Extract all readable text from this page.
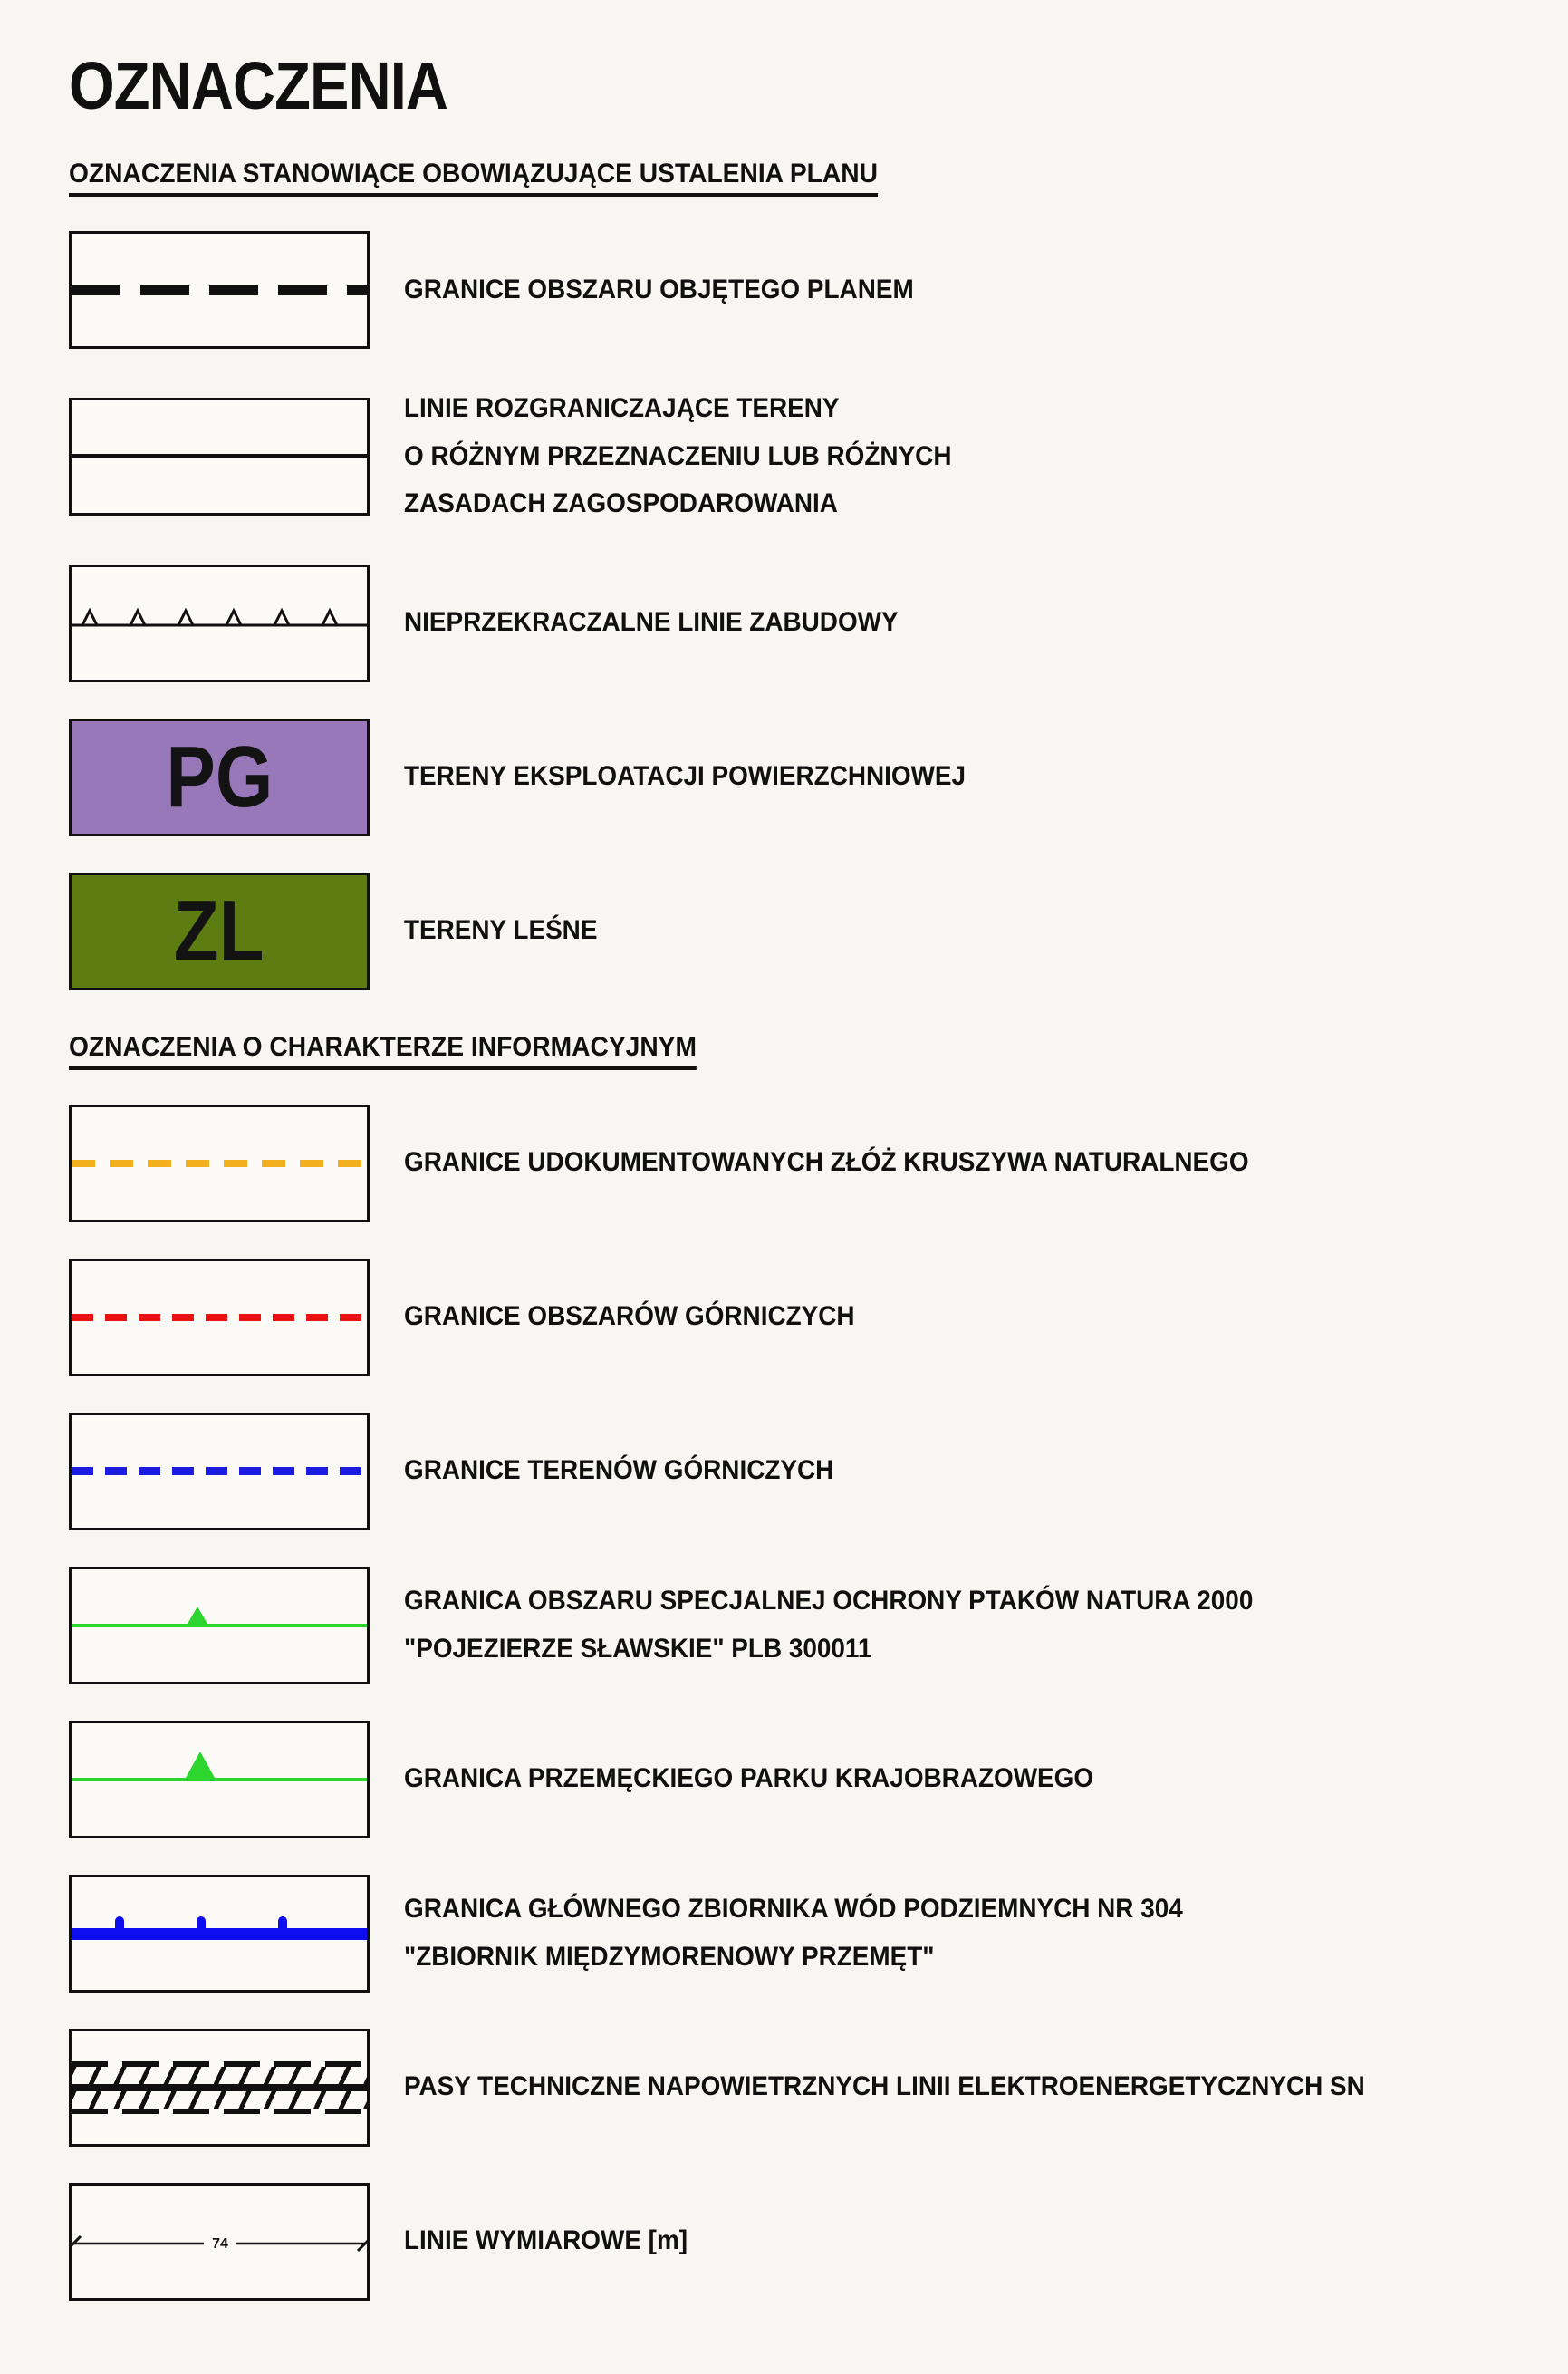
OZNACZENIA
OZNACZENIA STANOWIĄCE OBOWIĄZUJĄCE USTALENIA PLANU
GRANICE OBSZARU OBJĘTEGO PLANEM
LINIE ROZGRANICZAJĄCE TERENY
O RÓŻNYM PRZEZNACZENIU LUB RÓŻNYCH
ZASADACH ZAGOSPODAROWANIA
NIEPRZEKRACZALNE LINIE ZABUDOWY
PG	TERENY EKSPLOATACJI POWIERZCHNIOWEJ
ZL	TERENY LEŚNE
OZNACZENIA O CHARAKTERZE INFORMACYJNYM
GRANICE UDOKUMENTOWANYCH ZŁÓŻ KRUSZYWA NATURALNEGO
GRANICE OBSZARÓW GÓRNICZYCH
GRANICE TERENÓW GÓRNICZYCH
GRANICA OBSZARU SPECJALNEJ OCHRONY PTAKÓW NATURA 2000
"POJEZIERZE SŁAWSKIE" PLB 300011
GRANICA PRZEMĘCKIEGO PARKU KRAJOBRAZOWEGO
GRANICA GŁÓWNEGO ZBIORNIKA WÓD PODZIEMNYCH NR 304
"ZBIORNIK MIĘDZYMORENOWY PRZEMĘT"
PASY TECHNICZNE NAPOWIETRZNYCH LINII ELEKTROENERGETYCZNYCH SN
74	LINIE WYMIAROWE [m]
